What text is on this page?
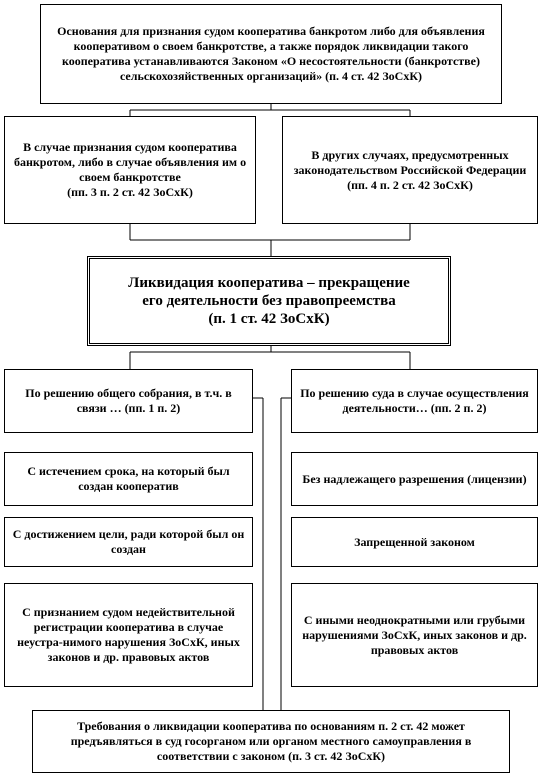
Основания для признания судом кооператива банкротом либо для объявления кооперативом о своем банкротстве, а также порядок ликвидации такого кооператива устанавливаются Законом «О несостоятельности (банкротстве) сельскохозяйственных организаций» (п. 4 ст. 42 ЗоСхК)
В случае признания судом кооператива банкротом, либо в случае объявления им о своем банкротстве
(пп. 3 п. 2 ст. 42 ЗоСхК)
В других случаях, предусмотренных законодательством Российской Федерации
(пп. 4 п. 2 ст. 42 ЗоСхК)
Ликвидация кооператива – прекращение
его деятельности без правопреемства
(п. 1 ст. 42 ЗоСхК)
По решению общего собрания, в т.ч. в связи … (пп. 1 п. 2)
С истечением срока, на который был создан кооператив
С достижением цели, ради которой был он создан
С признанием судом недействительной регистрации кооператива в случае неустра-нимого нарушения ЗоСхК, иных законов и др. правовых актов
По решению суда в случае осуществления деятельности… (пп. 2 п. 2)
Без надлежащего разрешения (лицензии)
Запрещенной законом
С иными неоднократными или грубыми нарушениями ЗоСхК, иных законов и др. правовых актов
Требования о ликвидации кооператива по основаниям п. 2 ст. 42 может предъявляться в суд госорганом или органом местного самоуправления в соответствии с законом (п. 3 ст. 42 ЗоСхК)
